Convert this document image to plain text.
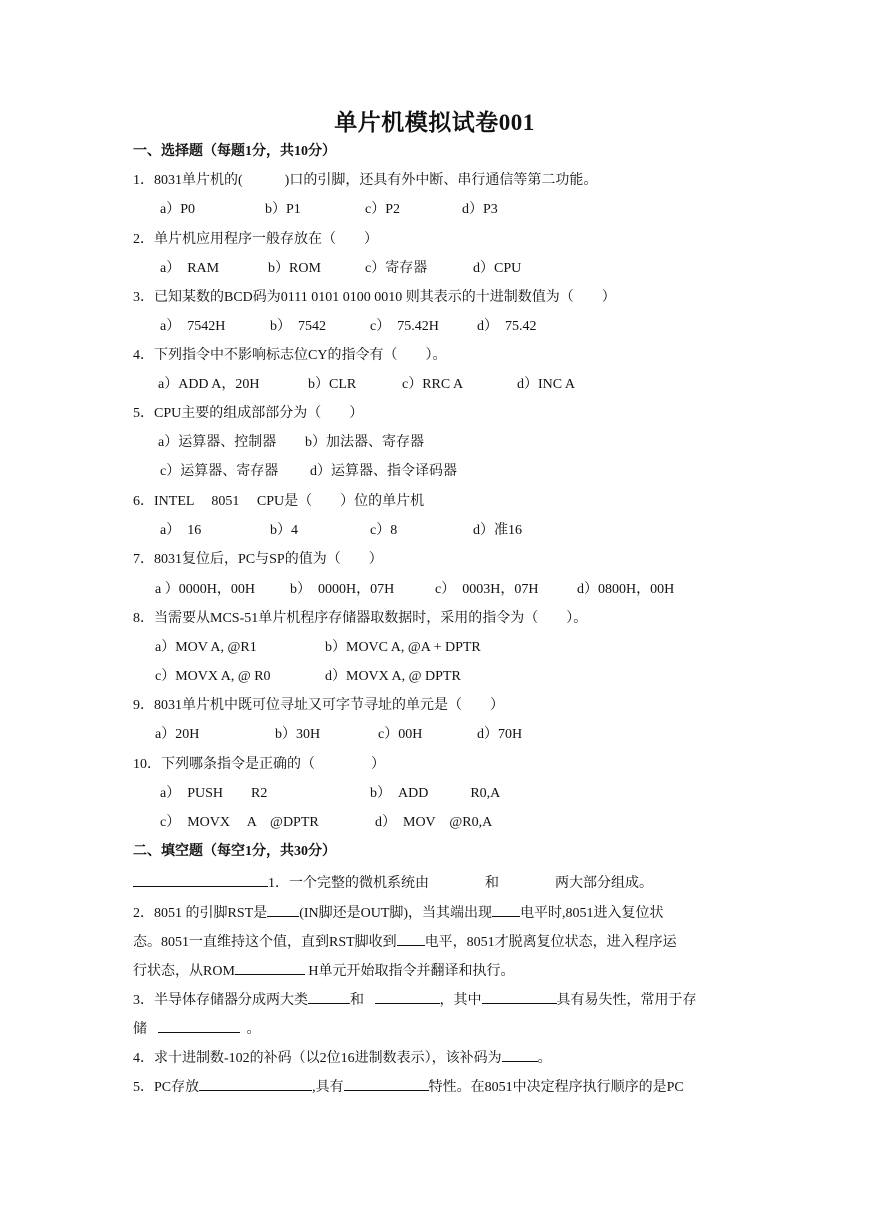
单片机模拟试卷001
一、选择题（每题1分，共10分）
1．8031单片机的(　　　)口的引脚，还具有外中断、串行通信等第二功能。
a）P0	b）P1	c）P2	d）P3
2．单片机应用程序一般存放在（　　）
a）　RAM	b）ROM	c）寄存器	d）CPU
3．已知某数的BCD码为0111 0101 0100 0010 则其表示的十进制数值为（　　）
a）　7542H	b）　7542	c）　75.42H	d）　75.42
4．下列指令中不影响标志位CY的指令有（　　）。
a）ADD A，20H	b）CLR	c）RRC A	d）INC A
5．CPU主要的组成部部分为（　　）
a）运算器、控制器 b）加法器、寄存器
c）运算器、寄存器 d）运算器、指令译码器
6．INTEL　 8051　 CPU是（　　）位的单片机
a）　16	b）4	c）8	d）准16
7．8031复位后，PC与SP的值为（　　）
a ）0000H，00H	b）　0000H，07H	c）　0003H，07H	d）0800H，00H
8．当需要从MCS-51单片机程序存储器取数据时，采用的指令为（　　）。
a）MOV A, @R1	b）MOVC A, @A + DPTR
c）MOVX A, @ R0	d）MOVX A, @ DPTR
9．8031单片机中既可位寻址又可字节寻址的单元是（　　）
a）20H	b）30H	c）00H	d）70H
10．下列哪条指令是正确的（　　　　）
a）　PUSH　　R2	b）　ADD　　　R0,A
c）　MOVX　 A　@DPTR	d）　MOV　@R0,A
二、填空题（每空1分，共30分）
1．一个完整的微机系统由　　　　和　　　　两大部分组成。
2．8051 的引脚RST是 (IN脚还是OUT脚)，当其端出现 电平时,8051进入复位状
态。8051一直维持这个值，直到RST脚收到 电平，8051才脱离复位状态，进入程序运
行状态，从ROM	H单元开始取指令并翻译和执行。
3．半导体存储器分成两大类	和	，其中	具有易失性，常用于存
储	。
4．求十进制数-102的补码（以2位16进制数表示），该补码为	。
5．PC存放	,具有	特性。在8051中决定程序执行顺序的是PC
